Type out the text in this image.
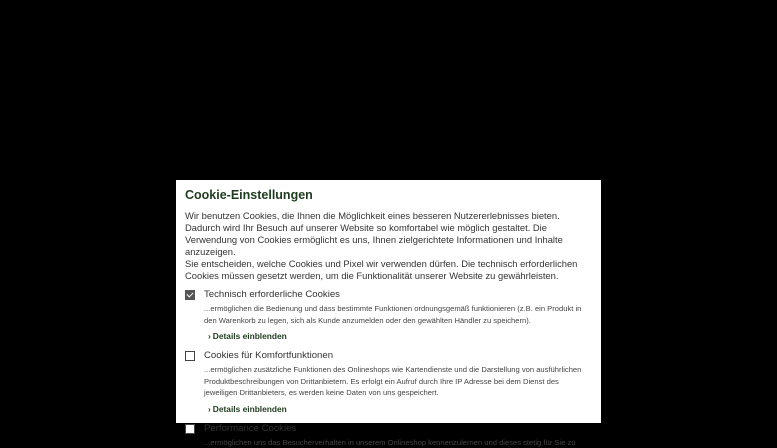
Cookie-Einstellungen

Wir benutzen Cookies, die Ihnen die Möglichkeit eines besseren Nutzererlebnisses bieten. Dadurch wird Ihr Besuch auf unserer Website so komfortabel wie möglich gestaltet. Die Verwendung von Cookies ermöglicht es uns, Ihnen zielgerichtete Informationen und Inhalte anzuzeigen.

Sie entscheiden, welche Cookies und Pixel wir verwenden dürfen. Die technisch erforderlichen Cookies müssen gesetzt werden, um die Funktionalität unserer Website zu gewährleisten.

Technisch erforderliche Cookies
...ermöglichen die Bedienung und dass bestimmte Funktionen ordnungsgemäß funktionieren (z.B. ein Produkt in den Warenkorb zu legen, sich als Kunde anzumelden oder den gewählten Händler zu speichern).
› Details einblenden
Cookies für Komfortfunktionen
...ermöglichen zusätzliche Funktionen des Onlineshops wie Kartendienste und die Darstellung von ausführlichen Produktbeschreibungen von Drittanbietern. Es erfolgt ein Aufruf durch Ihre IP Adresse bei dem Dienst des jeweiligen Drittanbieters, es werden keine Daten von uns gespeichert.
› Details einblenden
Performance Cookies
...ermöglichen uns das Besucherverhalten in unserem Onlineshop kennenzulernen und dieses stetig für Sie zu
